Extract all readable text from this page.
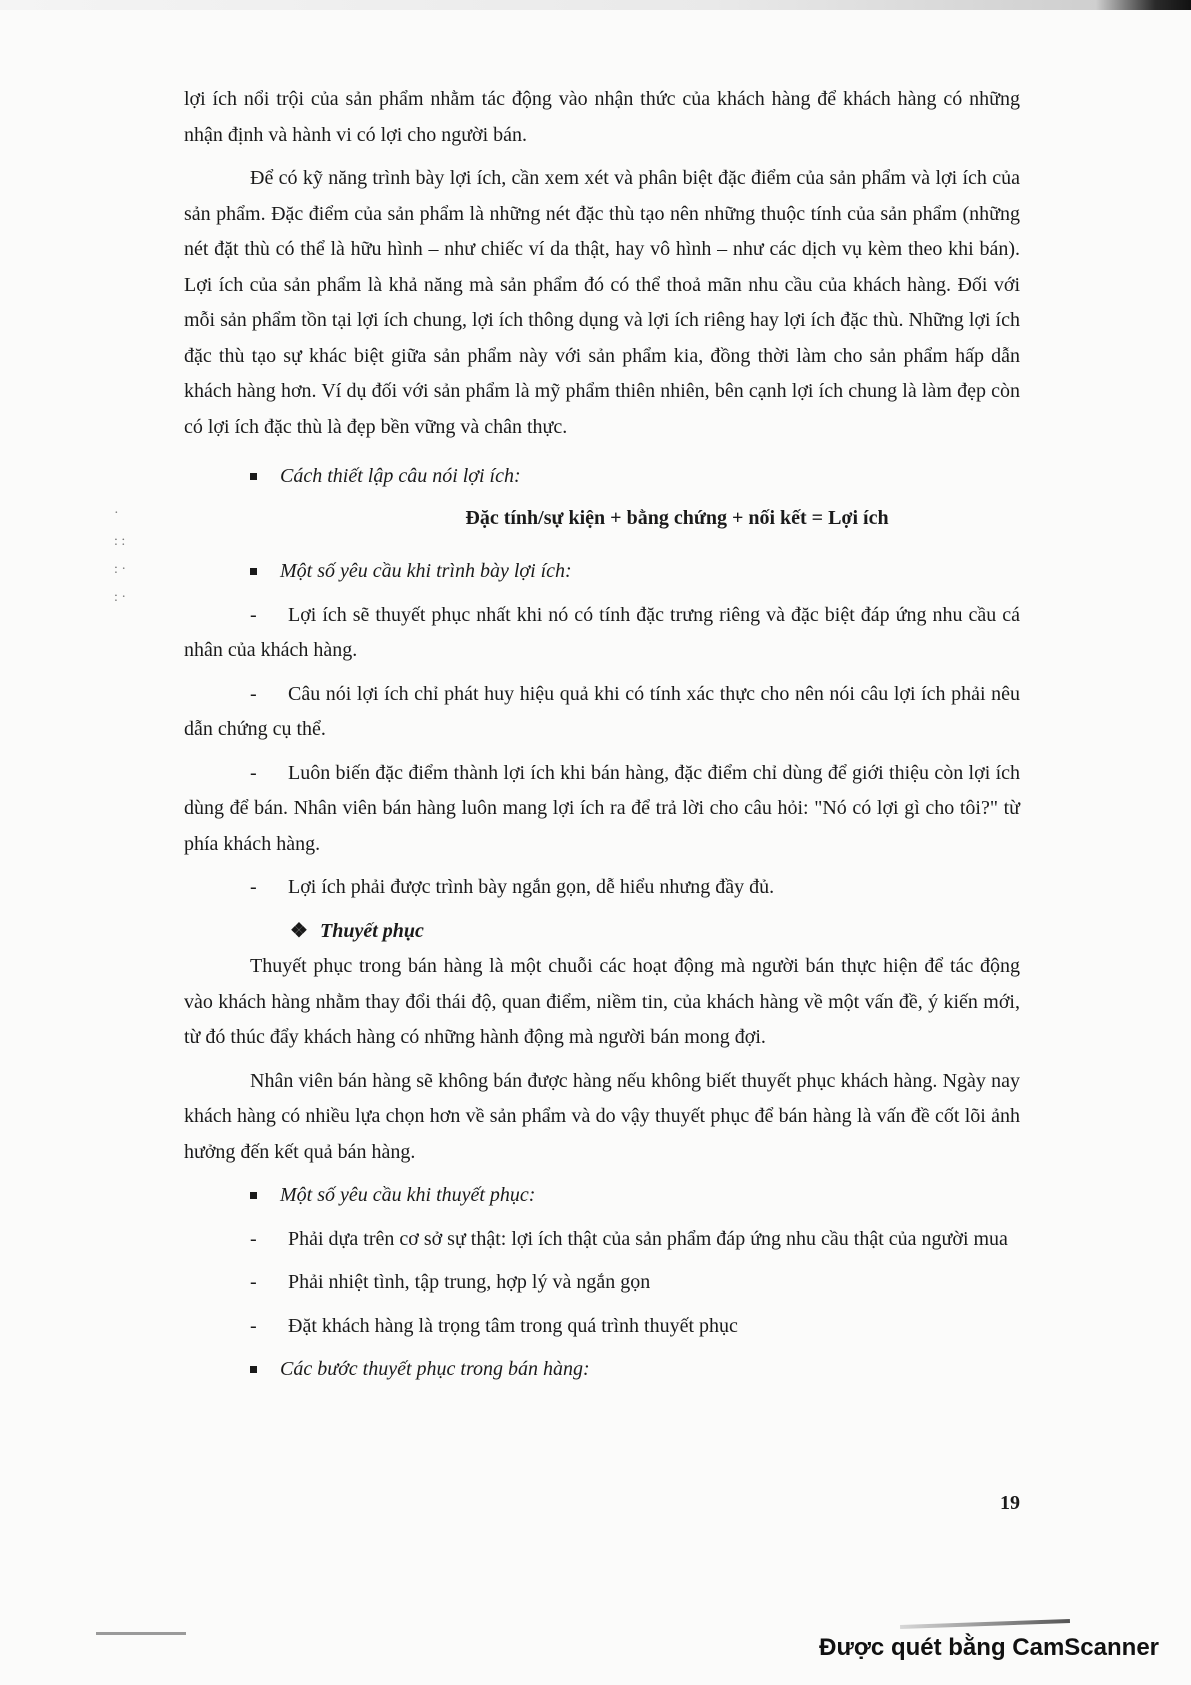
·
: :
: ·
: ·

lợi ích nổi trội của sản phẩm nhằm tác động vào nhận thức của khách hàng để khách hàng có những nhận định và hành vi có lợi cho người bán.

Để có kỹ năng trình bày lợi ích, cần xem xét và phân biệt đặc điểm của sản phẩm và lợi ích của sản phẩm. Đặc điểm của sản phẩm là những nét đặc thù tạo nên những thuộc tính của sản phẩm (những nét đặt thù có thể là hữu hình – như chiếc ví da thật, hay vô hình – như các dịch vụ kèm theo khi bán). Lợi ích của sản phẩm là khả năng mà sản phẩm đó có thể thoả mãn nhu cầu của khách hàng. Đối với mỗi sản phẩm tồn tại lợi ích chung, lợi ích thông dụng và lợi ích riêng hay lợi ích đặc thù. Những lợi ích đặc thù tạo sự khác biệt giữa sản phẩm này với sản phẩm kia, đồng thời làm cho sản phẩm hấp dẫn khách hàng hơn. Ví dụ đối với sản phẩm là mỹ phẩm thiên nhiên, bên cạnh lợi ích chung là làm đẹp còn có lợi ích đặc thù là đẹp bền vững và chân thực.

Cách thiết lập câu nói lợi ích:

Đặc tính/sự kiện + bằng chứng + nối kết = Lợi ích

Một số yêu cầu khi trình bày lợi ích:

- Lợi ích sẽ thuyết phục nhất khi nó có tính đặc trưng riêng và đặc biệt đáp ứng nhu cầu cá nhân của khách hàng.

- Câu nói lợi ích chỉ phát huy hiệu quả khi có tính xác thực cho nên nói câu lợi ích phải nêu dẫn chứng cụ thể.

- Luôn biến đặc điểm thành lợi ích khi bán hàng, đặc điểm chỉ dùng để giới thiệu còn lợi ích dùng để bán. Nhân viên bán hàng luôn mang lợi ích ra để trả lời cho câu hỏi: "Nó có lợi gì cho tôi?" từ phía khách hàng.

- Lợi ích phải được trình bày ngắn gọn, dễ hiểu nhưng đầy đủ.

❖ Thuyết phục

Thuyết phục trong bán hàng là một chuỗi các hoạt động mà người bán thực hiện để tác động vào khách hàng nhằm thay đổi thái độ, quan điểm, niềm tin, của khách hàng về một vấn đề, ý kiến mới, từ đó thúc đẩy khách hàng có những hành động mà người bán mong đợi.

Nhân viên bán hàng sẽ không bán được hàng nếu không biết thuyết phục khách hàng. Ngày nay khách hàng có nhiều lựa chọn hơn về sản phẩm và do vậy thuyết phục để bán hàng là vấn đề cốt lõi ảnh hưởng đến kết quả bán hàng.

Một số yêu cầu khi thuyết phục:

- Phải dựa trên cơ sở sự thật: lợi ích thật của sản phẩm đáp ứng nhu cầu thật của người mua

- Phải nhiệt tình, tập trung, hợp lý và ngắn gọn

- Đặt khách hàng là trọng tâm trong quá trình thuyết phục

Các bước thuyết phục trong bán hàng:

19
Được quét bằng CamScanner
